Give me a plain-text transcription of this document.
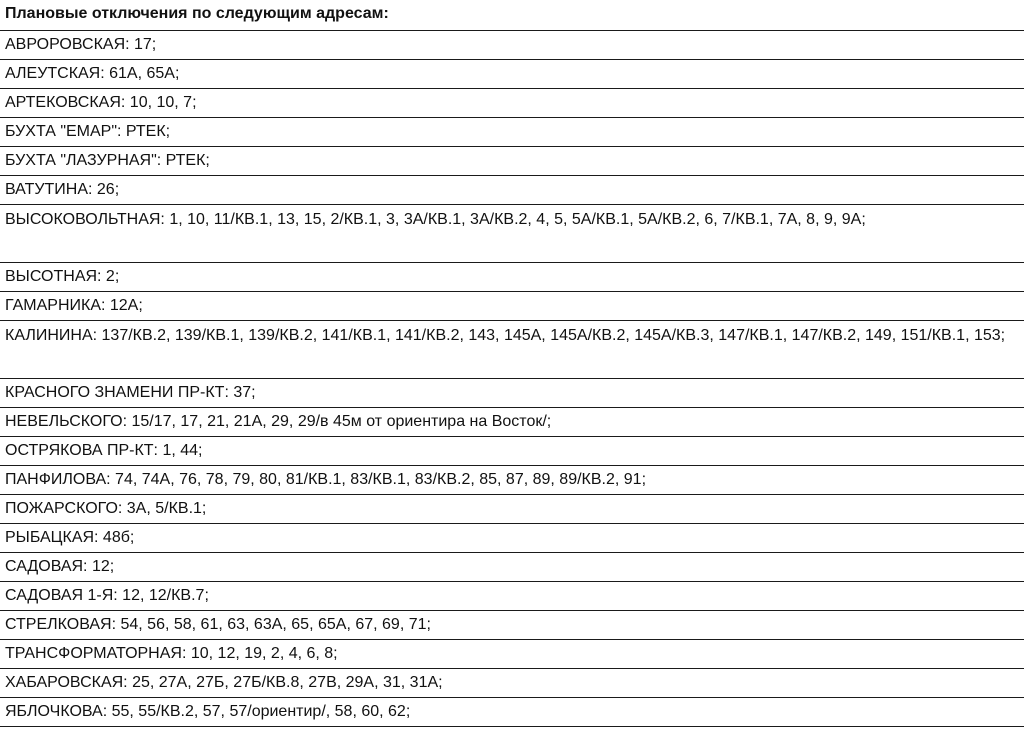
Плановые отключения по следующим адресам:
АВРОРОВСКАЯ: 17;
АЛЕУТСКАЯ: 61А, 65А;
АРТЕКОВСКАЯ: 10, 10, 7;
БУХТА "ЕМАР": РТЕК;
БУХТА "ЛАЗУРНАЯ": РТЕК;
ВАТУТИНА: 26;
ВЫСОКОВОЛЬТНАЯ: 1, 10, 11/КВ.1, 13, 15, 2/КВ.1, 3, 3А/КВ.1, 3А/КВ.2, 4, 5, 5А/КВ.1, 5А/КВ.2, 6, 7/КВ.1, 7А, 8, 9, 9А;
ВЫСОТНАЯ: 2;
ГАМАРНИКА: 12А;
КАЛИНИНА: 137/КВ.2, 139/КВ.1, 139/КВ.2, 141/КВ.1, 141/КВ.2, 143, 145А, 145А/КВ.2, 145А/КВ.3, 147/КВ.1, 147/КВ.2, 149, 151/КВ.1, 153;
КРАСНОГО ЗНАМЕНИ ПР-КТ: 37;
НЕВЕЛЬСКОГО: 15/17, 17, 21, 21А, 29, 29/в 45м от ориентира на Восток/;
ОСТРЯКОВА ПР-КТ: 1, 44;
ПАНФИЛОВА: 74, 74А, 76, 78, 79, 80, 81/КВ.1, 83/КВ.1, 83/КВ.2, 85, 87, 89, 89/КВ.2, 91;
ПОЖАРСКОГО: 3А, 5/КВ.1;
РЫБАЦКАЯ: 48б;
САДОВАЯ: 12;
САДОВАЯ 1-Я: 12, 12/КВ.7;
СТРЕЛКОВАЯ: 54, 56, 58, 61, 63, 63А, 65, 65А, 67, 69, 71;
ТРАНСФОРМАТОРНАЯ: 10, 12, 19, 2, 4, 6, 8;
ХАБАРОВСКАЯ: 25, 27А, 27Б, 27Б/КВ.8, 27В, 29А, 31, 31А;
ЯБЛОЧКОВА: 55, 55/КВ.2, 57, 57/ориентир/, 58, 60, 62;
